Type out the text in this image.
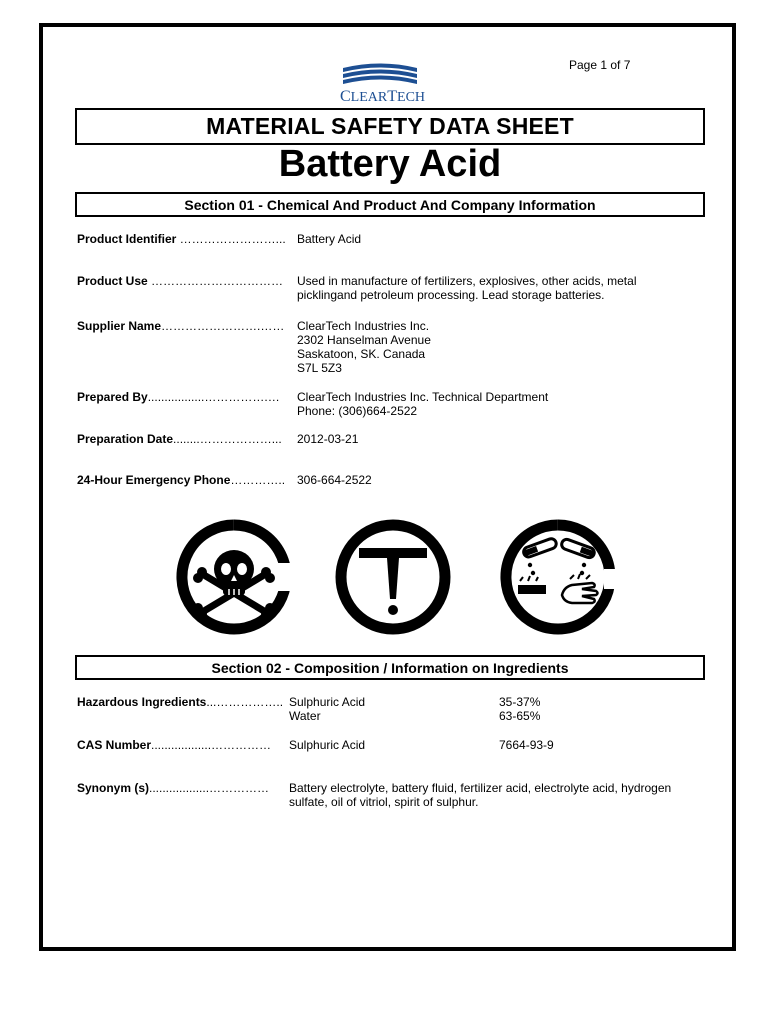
Page 1 of 7
CLEARTECH
MATERIAL SAFETY DATA SHEET
Battery Acid
Section 01 - Chemical And Product And Company Information
Product Identifier ……………………... Battery Acid
Product Use …………………………… Used in manufacture of fertilizers, explosives, other acids, metal
picklingand petroleum processing. Lead storage batteries.
Supplier Name…………………….…… ClearTech Industries Inc.
2302 Hanselman Avenue
Saskatoon, SK. Canada
S7L 5Z3
Prepared By.................…………….… ClearTech Industries Inc. Technical Department
Phone: (306)664-2522
Preparation Date........………………... 2012-03-21
24-Hour Emergency Phone………….. 306-664-2522
Section 02 - Composition / Information on Ingredients
Hazardous Ingredients...…………….. Sulphuric Acid	35-37%
Water	63-65%
CAS Number..................…………… Sulphuric Acid	7664-93-9
Synonym (s)..................…………… Battery electrolyte, battery fluid, fertilizer acid, electrolyte acid, hydrogen
sulfate, oil of vitriol, spirit of sulphur.
